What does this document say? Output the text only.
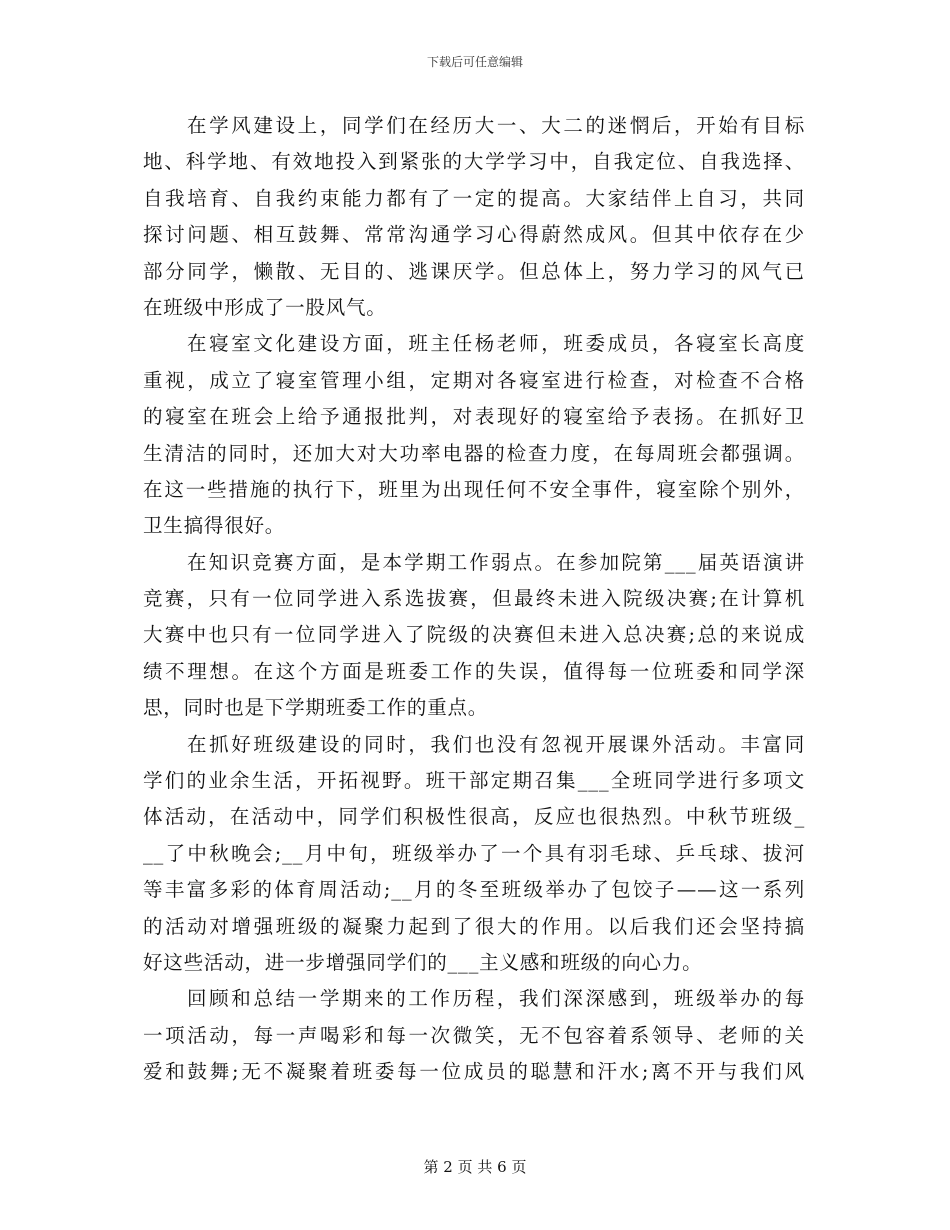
下载后可任意编辑
在学风建设上，同学们在经历大一、大二的迷惘后，开始有目标
地、科学地、有效地投入到紧张的大学学习中，自我定位、自我选择、
自我培育、自我约束能力都有了一定的提高。大家结伴上自习，共同
探讨问题、相互鼓舞、常常沟通学习心得蔚然成风。但其中依存在少
部分同学，懒散、无目的、逃课厌学。但总体上，努力学习的风气已
在班级中形成了一股风气。
在寝室文化建设方面，班主任杨老师，班委成员，各寝室长高度
重视，成立了寝室管理小组，定期对各寝室进行检查，对检查不合格
的寝室在班会上给予通报批判，对表现好的寝室给予表扬。在抓好卫
生清洁的同时，还加大对大功率电器的检查力度，在每周班会都强调。
在这一些措施的执行下，班里为出现任何不安全事件，寝室除个别外，
卫生搞得很好。
在知识竞赛方面，是本学期工作弱点。在参加院第___届英语演讲
竞赛，只有一位同学进入系选拔赛，但最终未进入院级决赛;在计算机
大赛中也只有一位同学进入了院级的决赛但未进入总决赛;总的来说成
绩不理想。在这个方面是班委工作的失误，值得每一位班委和同学深
思，同时也是下学期班委工作的重点。
在抓好班级建设的同时，我们也没有忽视开展课外活动。丰富同
学们的业余生活，开拓视野。班干部定期召集___全班同学进行多项文
体活动，在活动中，同学们积极性很高，反应也很热烈。中秋节班级_
__了中秋晚会;__月中旬，班级举办了一个具有羽毛球、乒乓球、拔河
等丰富多彩的体育周活动;__月的冬至班级举办了包饺子——这一系列
的活动对增强班级的凝聚力起到了很大的作用。以后我们还会坚持搞
好这些活动，进一步增强同学们的___主义感和班级的向心力。
回顾和总结一学期来的工作历程，我们深深感到，班级举办的每
一项活动，每一声喝彩和每一次微笑，无不包容着系领导、老师的关
爱和鼓舞;无不凝聚着班委每一位成员的聪慧和汗水;离不开与我们风
第 2 页 共 6 页
